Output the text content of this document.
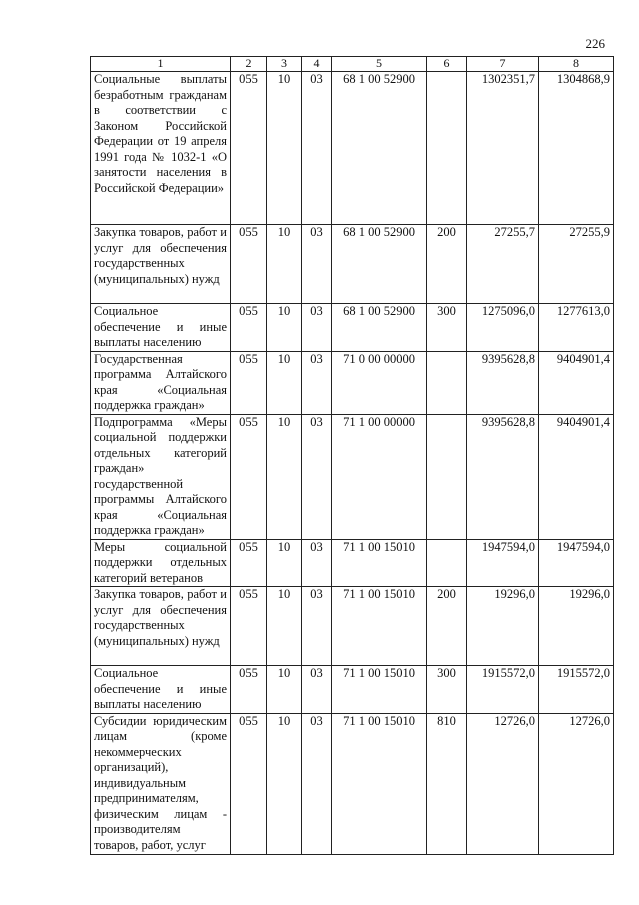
226
1	2	3	4	5	6	7	8
Социальные выплаты безработным гражданам в соответствии с Законом Российской Федерации от 19 апреля 1991 года № 1032-1 «О занятости населения в Российской Федерации»	055	10	03	68 1 00 52900		1302351,7	1304868,9
Закупка товаров, работ и услуг для обеспечения государственных (муниципальных) нужд	055	10	03	68 1 00 52900	200	27255,7	27255,9
Социальное обеспечение и иные выплаты населению	055	10	03	68 1 00 52900	300	1275096,0	1277613,0
Государственная программа Алтайского края «Социальная поддержка граждан»	055	10	03	71 0 00 00000		9395628,8	9404901,4
Подпрограмма «Меры социальной поддержки отдельных категорий граждан» государственной программы Алтайского края «Социальная поддержка граждан»	055	10	03	71 1 00 00000		9395628,8	9404901,4
Меры социальной поддержки отдельных категорий ветеранов	055	10	03	71 1 00 15010		1947594,0	1947594,0
Закупка товаров, работ и услуг для обеспечения государственных (муниципальных) нужд	055	10	03	71 1 00 15010	200	19296,0	19296,0
Социальное обеспечение и иные выплаты населению	055	10	03	71 1 00 15010	300	1915572,0	1915572,0
Субсидии юридическим лицам (кроме некоммерческих организаций), индивидуальным предпринимателям, физическим лицам - производителям товаров, работ, услуг	055	10	03	71 1 00 15010	810	12726,0	12726,0
